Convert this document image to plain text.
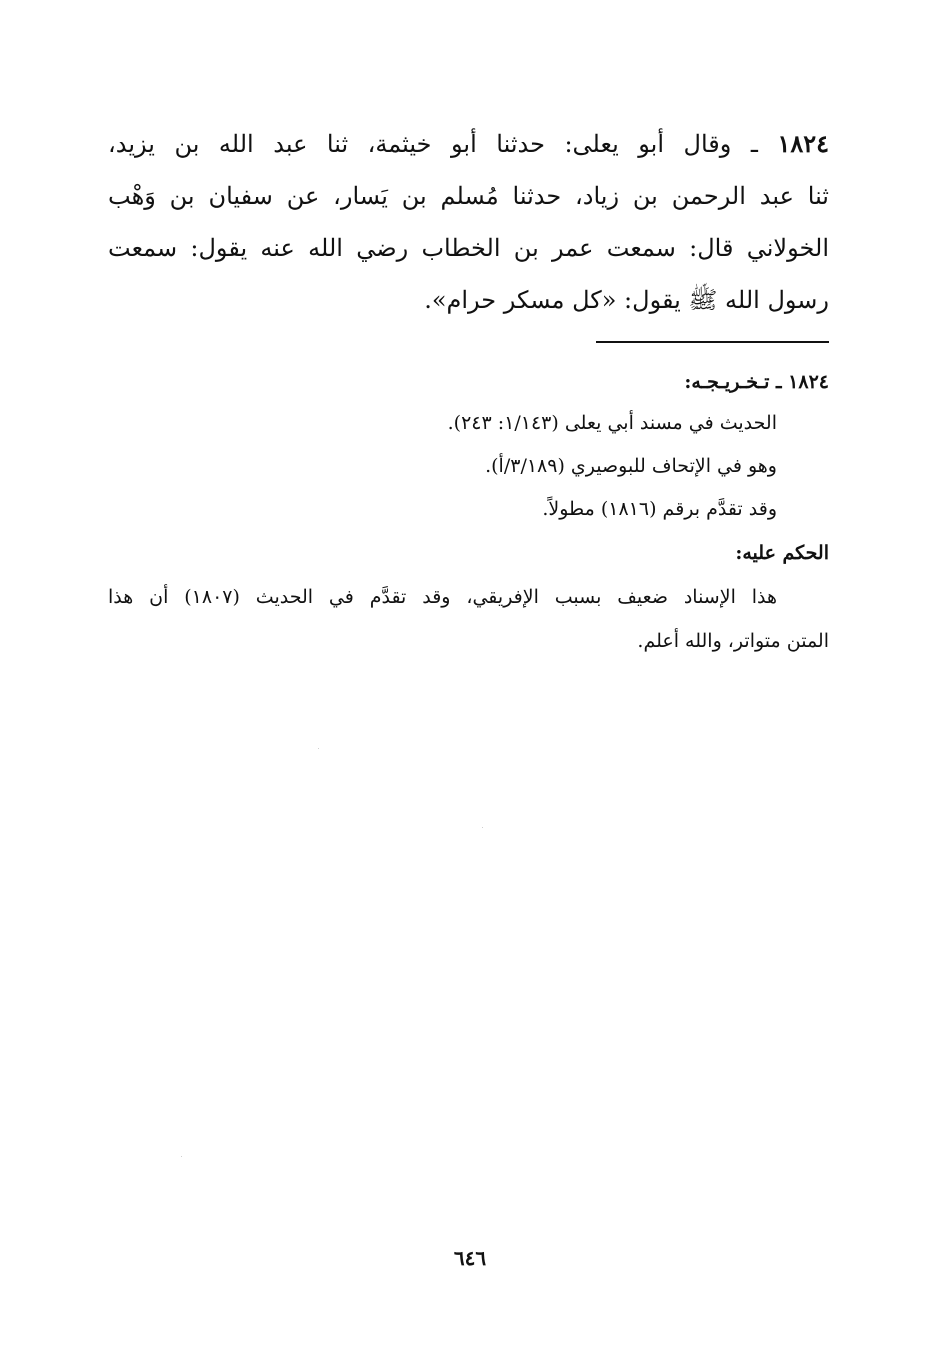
١٨٢٤ ـ وقال أبو يعلى: حدثنا أبو خيثمة، ثنا عبد الله بن يزيد،
ثنا عبد الرحمن بن زياد، حدثنا مُسلم بن يَسار، عن سفيان بن وَهْب
الخولاني قال: سمعت عمر بن الخطاب رضي الله عنه يقول: سمعت
رسول الله ﷺ يقول: «كل مسكر حرام».
١٨٢٤ ـ تـخـريـجـه:
الحديث في مسند أبي يعلى (١/١٤٣: ٢٤٣).
وهو في الإتحاف للبوصيري (٣/١٨٩/أ).
وقد تقدَّم برقم (١٨١٦) مطولاً.
الحكم عليه:
هذا الإسناد ضعيف بسبب الإفريقي، وقد تقدَّم في الحديث (١٨٠٧) أن هذا
المتن متواتر، والله أعلم.
٦٤٦
